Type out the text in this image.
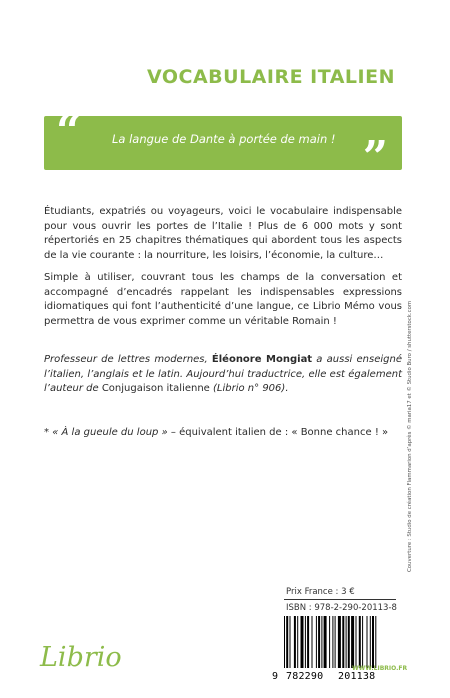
VOCABULAIRE ITALIEN
“	La langue de Dante à portée de main ! ”
Étudiants, expatriés ou voyageurs, voici le vocabulaire indispensable pour vous ouvrir les portes de l’Italie ! Plus de 6 000 mots y sont répertoriés en 25 chapitres thématiques qui abordent tous les aspects de la vie courante : la nourriture, les loisirs, l’économie, la culture…
Simple à utiliser, couvrant tous les champs de la conversation et accompagné d’encadrés rappelant les indispensables expressions idiomatiques qui font l’authenticité d’une langue, ce Librio Mémo vous permettra de vous exprimer comme un véritable Romain !
Professeur de lettres modernes, Éléonore Mongiat a aussi enseigné l’italien, l’anglais et le latin. Aujourd’hui traductrice, elle est également l’auteur de Conjugaison italienne (Librio n° 906).
* « À la gueule du loup » – équivalent italien de : « Bonne chance ! »	Couverture : Studio de création Flammarion d’après © maria17 et © Studio Buro / shutterstock.com
Librio
Prix France : 3 €
ISBN : 978-2-290-20113-8
9 782290 201138
WWW.LIBRIO.FR
